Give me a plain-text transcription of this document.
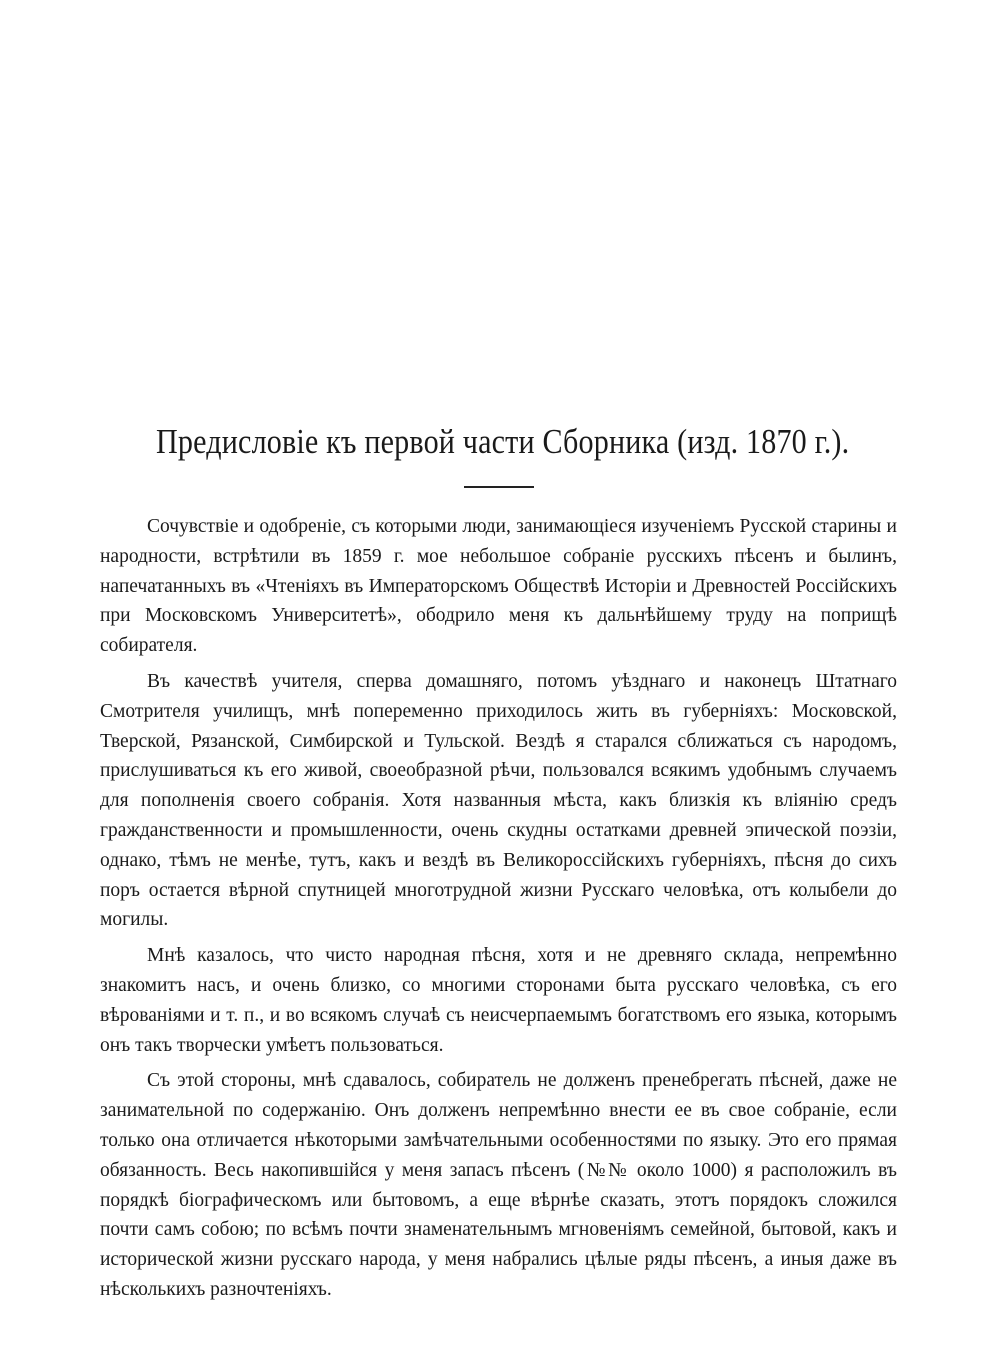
Предисловіе къ первой части Сборника (изд. 1870 г.).

Сочувствіе и одобреніе, съ которыми люди, занимающіеся изученіемъ Русской старины и народности, встрѣтили въ 1859 г. мое небольшое собраніе русскихъ пѣсенъ и былинъ, напечатанныхъ въ «Чтеніяхъ въ Императорскомъ Обществѣ Исторіи и Древностей Россійскихъ при Московскомъ Университетѣ», ободрило меня къ дальнѣйшему труду на поприщѣ собирателя.

Въ качествѣ учителя, сперва домашняго, потомъ уѣзднаго и наконецъ Штатнаго Смотрителя училищъ, мнѣ попеременно приходилось жить въ губерніяхъ: Московской, Тверской, Рязанской, Симбирской и Тульской. Вездѣ я старался сближаться съ народомъ, прислушиваться къ его живой, своеобразной рѣчи, пользовался всякимъ удобнымъ случаемъ для пополненія своего собранія. Хотя названныя мѣста, какъ близкія къ вліянію средъ гражданственности и промышленности, очень скудны остатками древней эпической поэзіи, однако, тѣмъ не менѣе, тутъ, какъ и вездѣ въ Великороссійскихъ губерніяхъ, пѣсня до сихъ поръ остается вѣрной спутницей многотрудной жизни Русскаго человѣка, отъ колыбели до могилы.

Мнѣ казалось, что чисто народная пѣсня, хотя и не древняго склада, непремѣнно знакомитъ насъ, и очень близко, со многими сторонами быта русскаго человѣка, съ его вѣрованіями и т. п., и во всякомъ случаѣ съ неисчерпаемымъ богатствомъ его языка, которымъ онъ такъ творчески умѣетъ пользоваться.

Съ этой стороны, мнѣ сдавалось, собиратель не долженъ пренебрегать пѣсней, даже не занимательной по содержанію. Онъ долженъ непремѣнно внести ее въ свое собраніе, если только она отличается нѣкоторыми замѣчательными особенностями по языку. Это его прямая обязанность. Весь накопившійся у меня запасъ пѣсенъ (№№ около 1000) я расположилъ въ порядкѣ біографическомъ или бытовомъ, а еще вѣрнѣе сказать, этотъ порядокъ сложился почти самъ собою; по всѣмъ почти знаменательнымъ мгновеніямъ семейной, бытовой, какъ и исторической жизни русскаго народа, у меня набрались цѣлые ряды пѣсенъ, а иныя даже въ нѣсколькихъ разночтеніяхъ.
